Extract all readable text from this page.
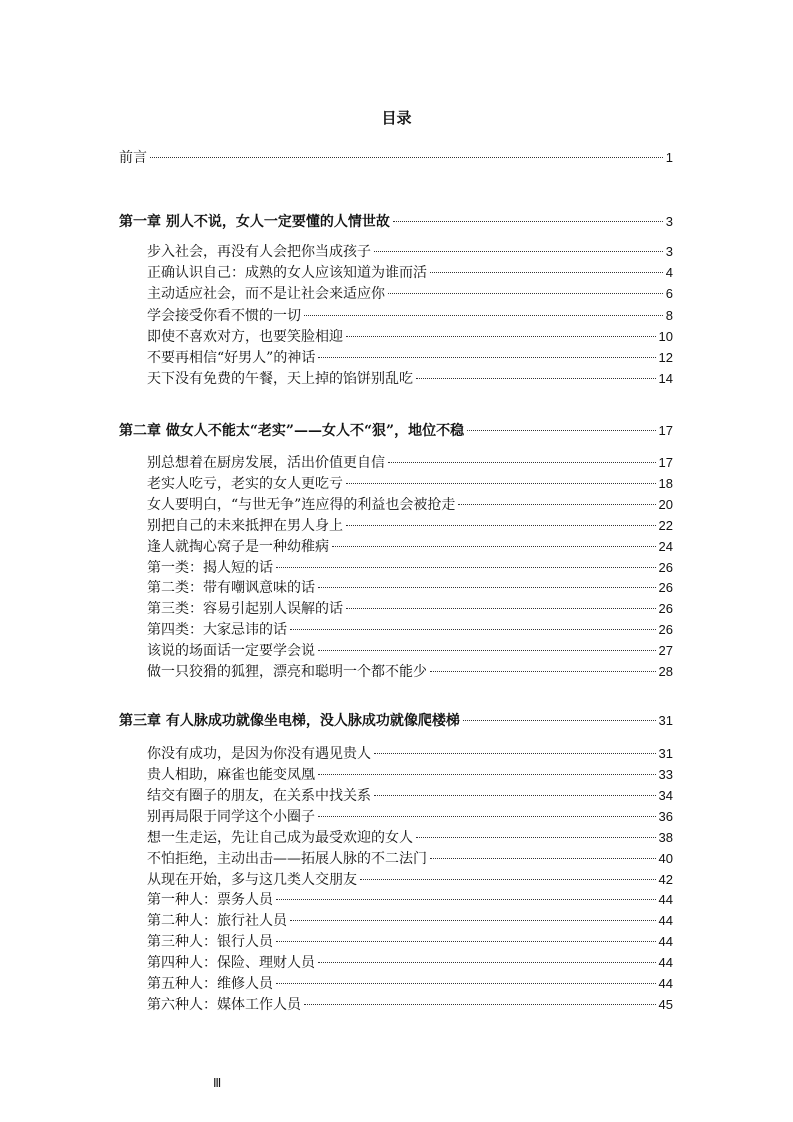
目录
前言	1
第一章 别人不说，女人一定要懂的人情世故	3
步入社会，再没有人会把你当成孩子	3
正确认识自己：成熟的女人应该知道为谁而活	4
主动适应社会，而不是让社会来适应你	6
学会接受你看不惯的一切	8
即使不喜欢对方，也要笑脸相迎	10
不要再相信“好男人”的神话	12
天下没有免费的午餐，天上掉的馅饼别乱吃	14
第二章 做女人不能太“老实”——女人不“狠”，地位不稳	17
别总想着在厨房发展，活出价值更自信	17
老实人吃亏，老实的女人更吃亏	18
女人要明白，“与世无争”连应得的利益也会被抢走	20
别把自己的未来抵押在男人身上	22
逢人就掏心窝子是一种幼稚病	24
第一类：揭人短的话	26
第二类：带有嘲讽意味的话	26
第三类：容易引起别人误解的话	26
第四类：大家忌讳的话	26
该说的场面话一定要学会说	27
做一只狡猾的狐狸，漂亮和聪明一个都不能少	28
第三章 有人脉成功就像坐电梯，没人脉成功就像爬楼梯	31
你没有成功，是因为你没有遇见贵人	31
贵人相助，麻雀也能变凤凰	33
结交有圈子的朋友，在关系中找关系	34
别再局限于同学这个小圈子	36
想一生走运，先让自己成为最受欢迎的女人	38
不怕拒绝，主动出击——拓展人脉的不二法门	40
从现在开始，多与这几类人交朋友	42
第一种人：票务人员	44
第二种人：旅行社人员	44
第三种人：银行人员	44
第四种人：保险、理财人员	44
第五种人：维修人员	44
第六种人：媒体工作人员	45
Ⅲ
